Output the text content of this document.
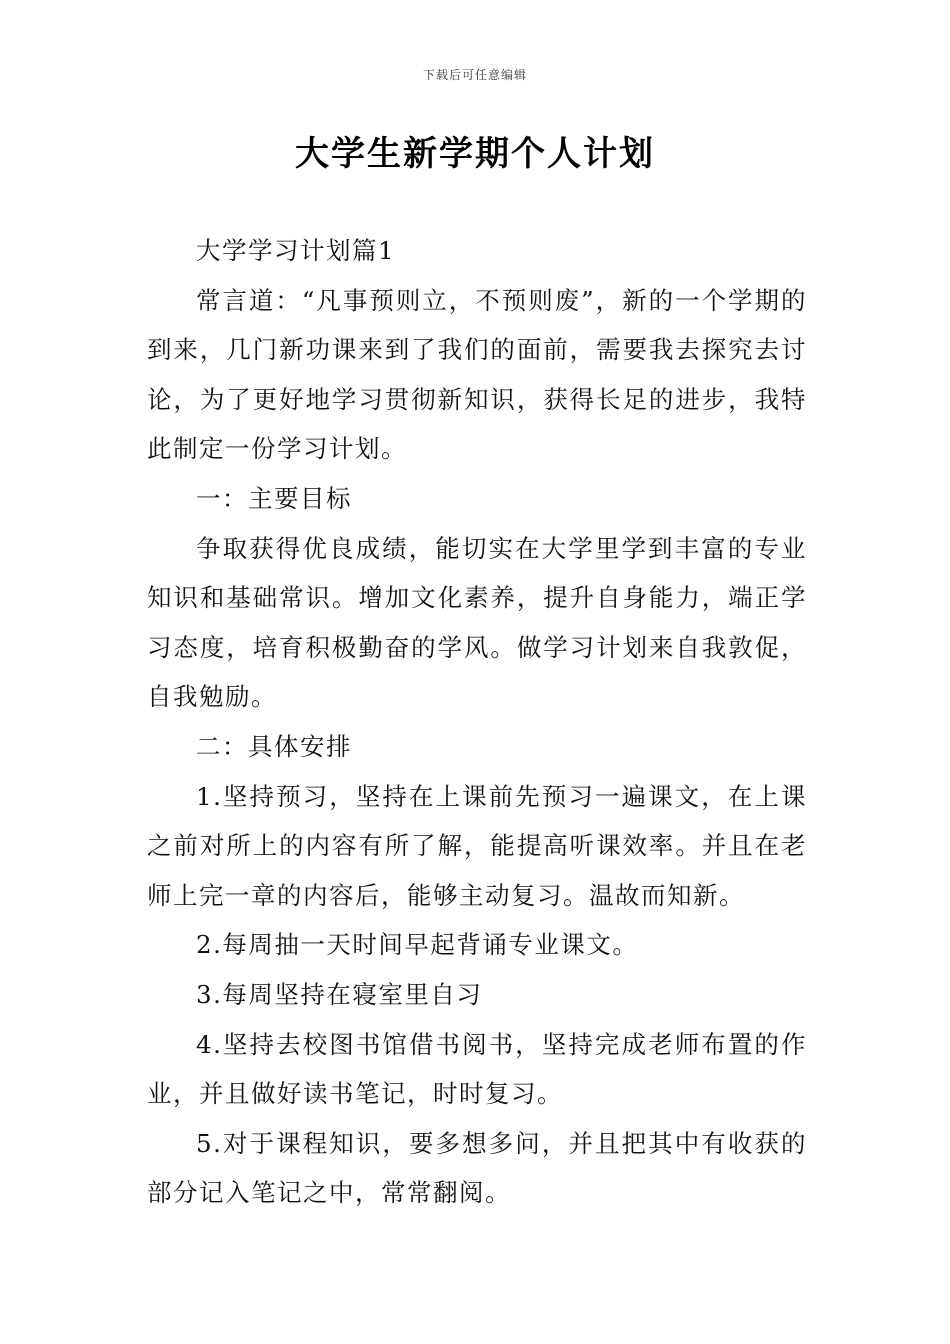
下载后可任意编辑
大学生新学期个人计划

大学学习计划篇1

常言道：“凡事预则立，不预则废”，新的一个学期的到来，几门新功课来到了我们的面前，需要我去探究去讨论，为了更好地学习贯彻新知识，获得长足的进步，我特此制定一份学习计划。

一：主要目标

争取获得优良成绩，能切实在大学里学到丰富的专业知识和基础常识。增加文化素养，提升自身能力，端正学习态度，培育积极勤奋的学风。做学习计划来自我敦促，自我勉励。

二：具体安排

1.坚持预习，坚持在上课前先预习一遍课文，在上课之前对所上的内容有所了解，能提高听课效率。并且在老师上完一章的内容后，能够主动复习。温故而知新。

2.每周抽一天时间早起背诵专业课文。

3.每周坚持在寝室里自习

4.坚持去校图书馆借书阅书，坚持完成老师布置的作业，并且做好读书笔记，时时复习。

5.对于课程知识，要多想多问，并且把其中有收获的部分记入笔记之中，常常翻阅。
